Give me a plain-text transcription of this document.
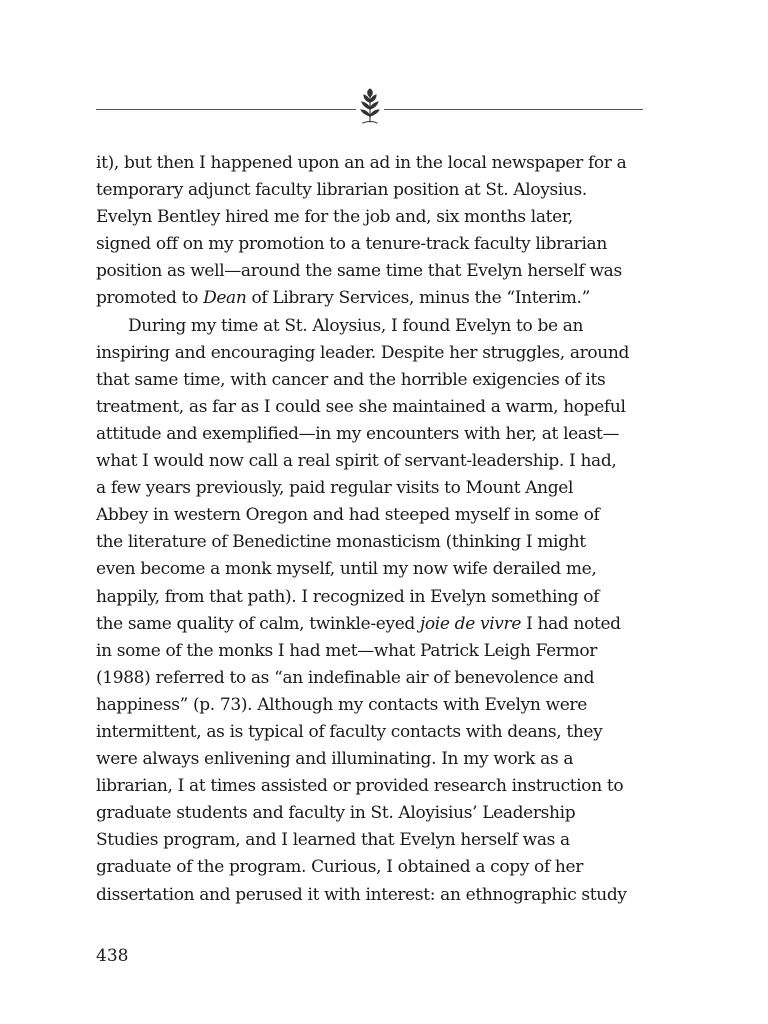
it), but then I happened upon an ad in the local newspaper for a
temporary adjunct faculty librarian position at St. Aloysius.
Evelyn Bentley hired me for the job and, six months later,
signed off on my promotion to a tenure-track faculty librarian
position as well—around the same time that Evelyn herself was
promoted to Dean of Library Services, minus the “Interim.”
During my time at St. Aloysius, I found Evelyn to be an
inspiring and encouraging leader. Despite her struggles, around
that same time, with cancer and the horrible exigencies of its
treatment, as far as I could see she maintained a warm, hopeful
attitude and exemplified—in my encounters with her, at least—
what I would now call a real spirit of servant-leadership. I had,
a few years previously, paid regular visits to Mount Angel
Abbey in western Oregon and had steeped myself in some of
the literature of Benedictine monasticism (thinking I might
even become a monk myself, until my now wife derailed me,
happily, from that path). I recognized in Evelyn something of
the same quality of calm, twinkle-eyed joie de vivre I had noted
in some of the monks I had met—what Patrick Leigh Fermor
(1988) referred to as “an indefinable air of benevolence and
happiness” (p. 73). Although my contacts with Evelyn were
intermittent, as is typical of faculty contacts with deans, they
were always enlivening and illuminating. In my work as a
librarian, I at times assisted or provided research instruction to
graduate students and faculty in St. Aloyisius’ Leadership
Studies program, and I learned that Evelyn herself was a
graduate of the program. Curious, I obtained a copy of her
dissertation and perused it with interest: an ethnographic study
438
